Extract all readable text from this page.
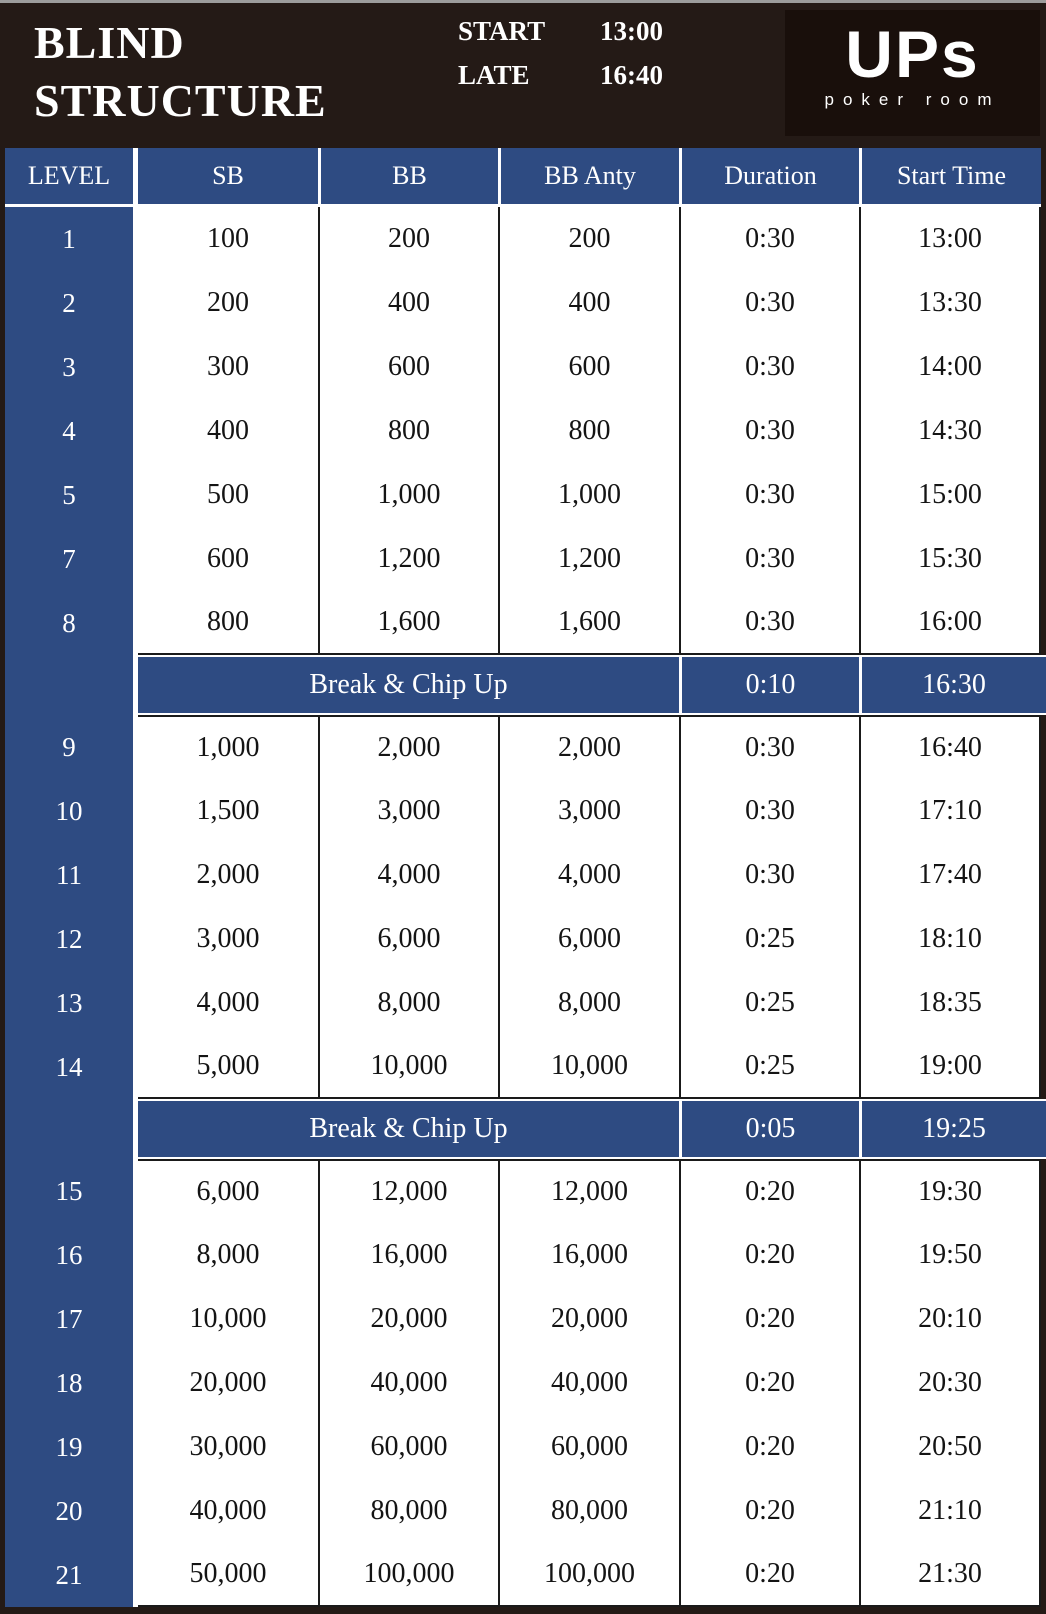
BLIND
STRUCTURE
START	13:00
LATE	16:40	UPs
poker room
LEVEL	SB	BB	BB Anty	Duration	Start Time
1	100	200	200	0:30	13:00
2	200	400	400	0:30	13:30
3	300	600	600	0:30	14:00
4	400	800	800	0:30	14:30
5	500	1,000	1,000	0:30	15:00
7	600	1,200	1,200	0:30	15:30
8	800	1,600	1,600	0:30	16:00
Break & Chip Up	0:10	16:30
9	1,000	2,000	2,000	0:30	16:40
10	1,500	3,000	3,000	0:30	17:10
11	2,000	4,000	4,000	0:30	17:40
12	3,000	6,000	6,000	0:25	18:10
13	4,000	8,000	8,000	0:25	18:35
14	5,000	10,000	10,000	0:25	19:00
Break & Chip Up	0:05	19:25
15	6,000	12,000	12,000	0:20	19:30
16	8,000	16,000	16,000	0:20	19:50
17	10,000	20,000	20,000	0:20	20:10
18	20,000	40,000	40,000	0:20	20:30
19	30,000	60,000	60,000	0:20	20:50
20	40,000	80,000	80,000	0:20	21:10
21	50,000	100,000	100,000	0:20	21:30
